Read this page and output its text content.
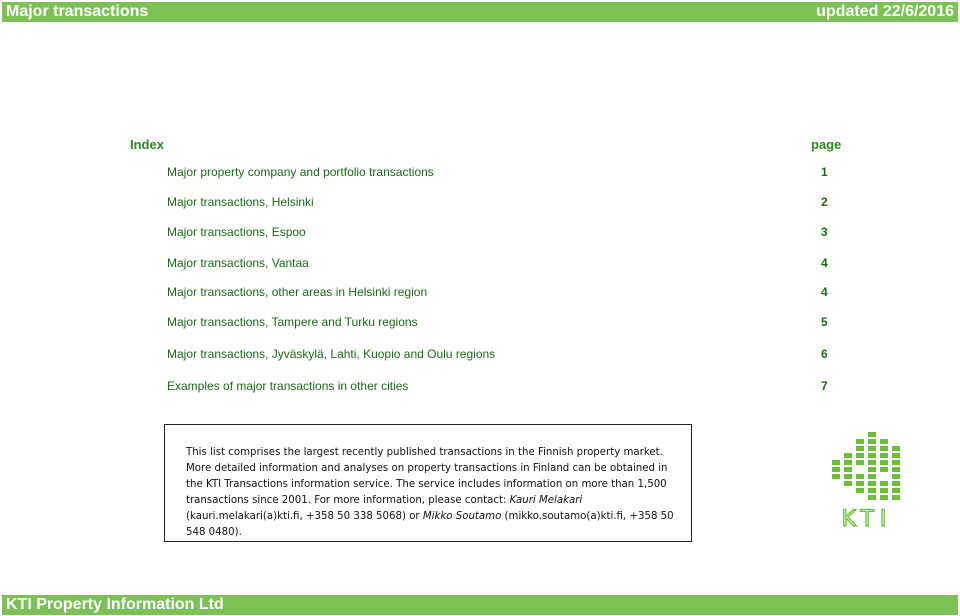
Major transactions	updated 22/6/2016
Index	page
Major property company and portfolio transactions	1
Major transactions, Helsinki	2
Major transactions, Espoo	3
Major transactions, Vantaa	4
Major transactions, other areas in Helsinki region	4
Major transactions, Tampere and Turku regions	5
Major transactions, Jyväskylä, Lahti, Kuopio and Oulu regions	6
Examples of major transactions in other cities	7
This list comprises the largest recently published transactions in the Finnish property market. More detailed information and analyses on property transactions in Finland can be obtained in the KTI Transactions information service. The service includes information on more than 1,500 transactions since 2001. For more information, please contact: Kauri Melakari (kauri.melakari(a)kti.fi, +358 50 338 5068) or Mikko Soutamo (mikko.soutamo(a)kti.fi, +358 50 548 0480).
KTI
KTI Property Information Ltd
